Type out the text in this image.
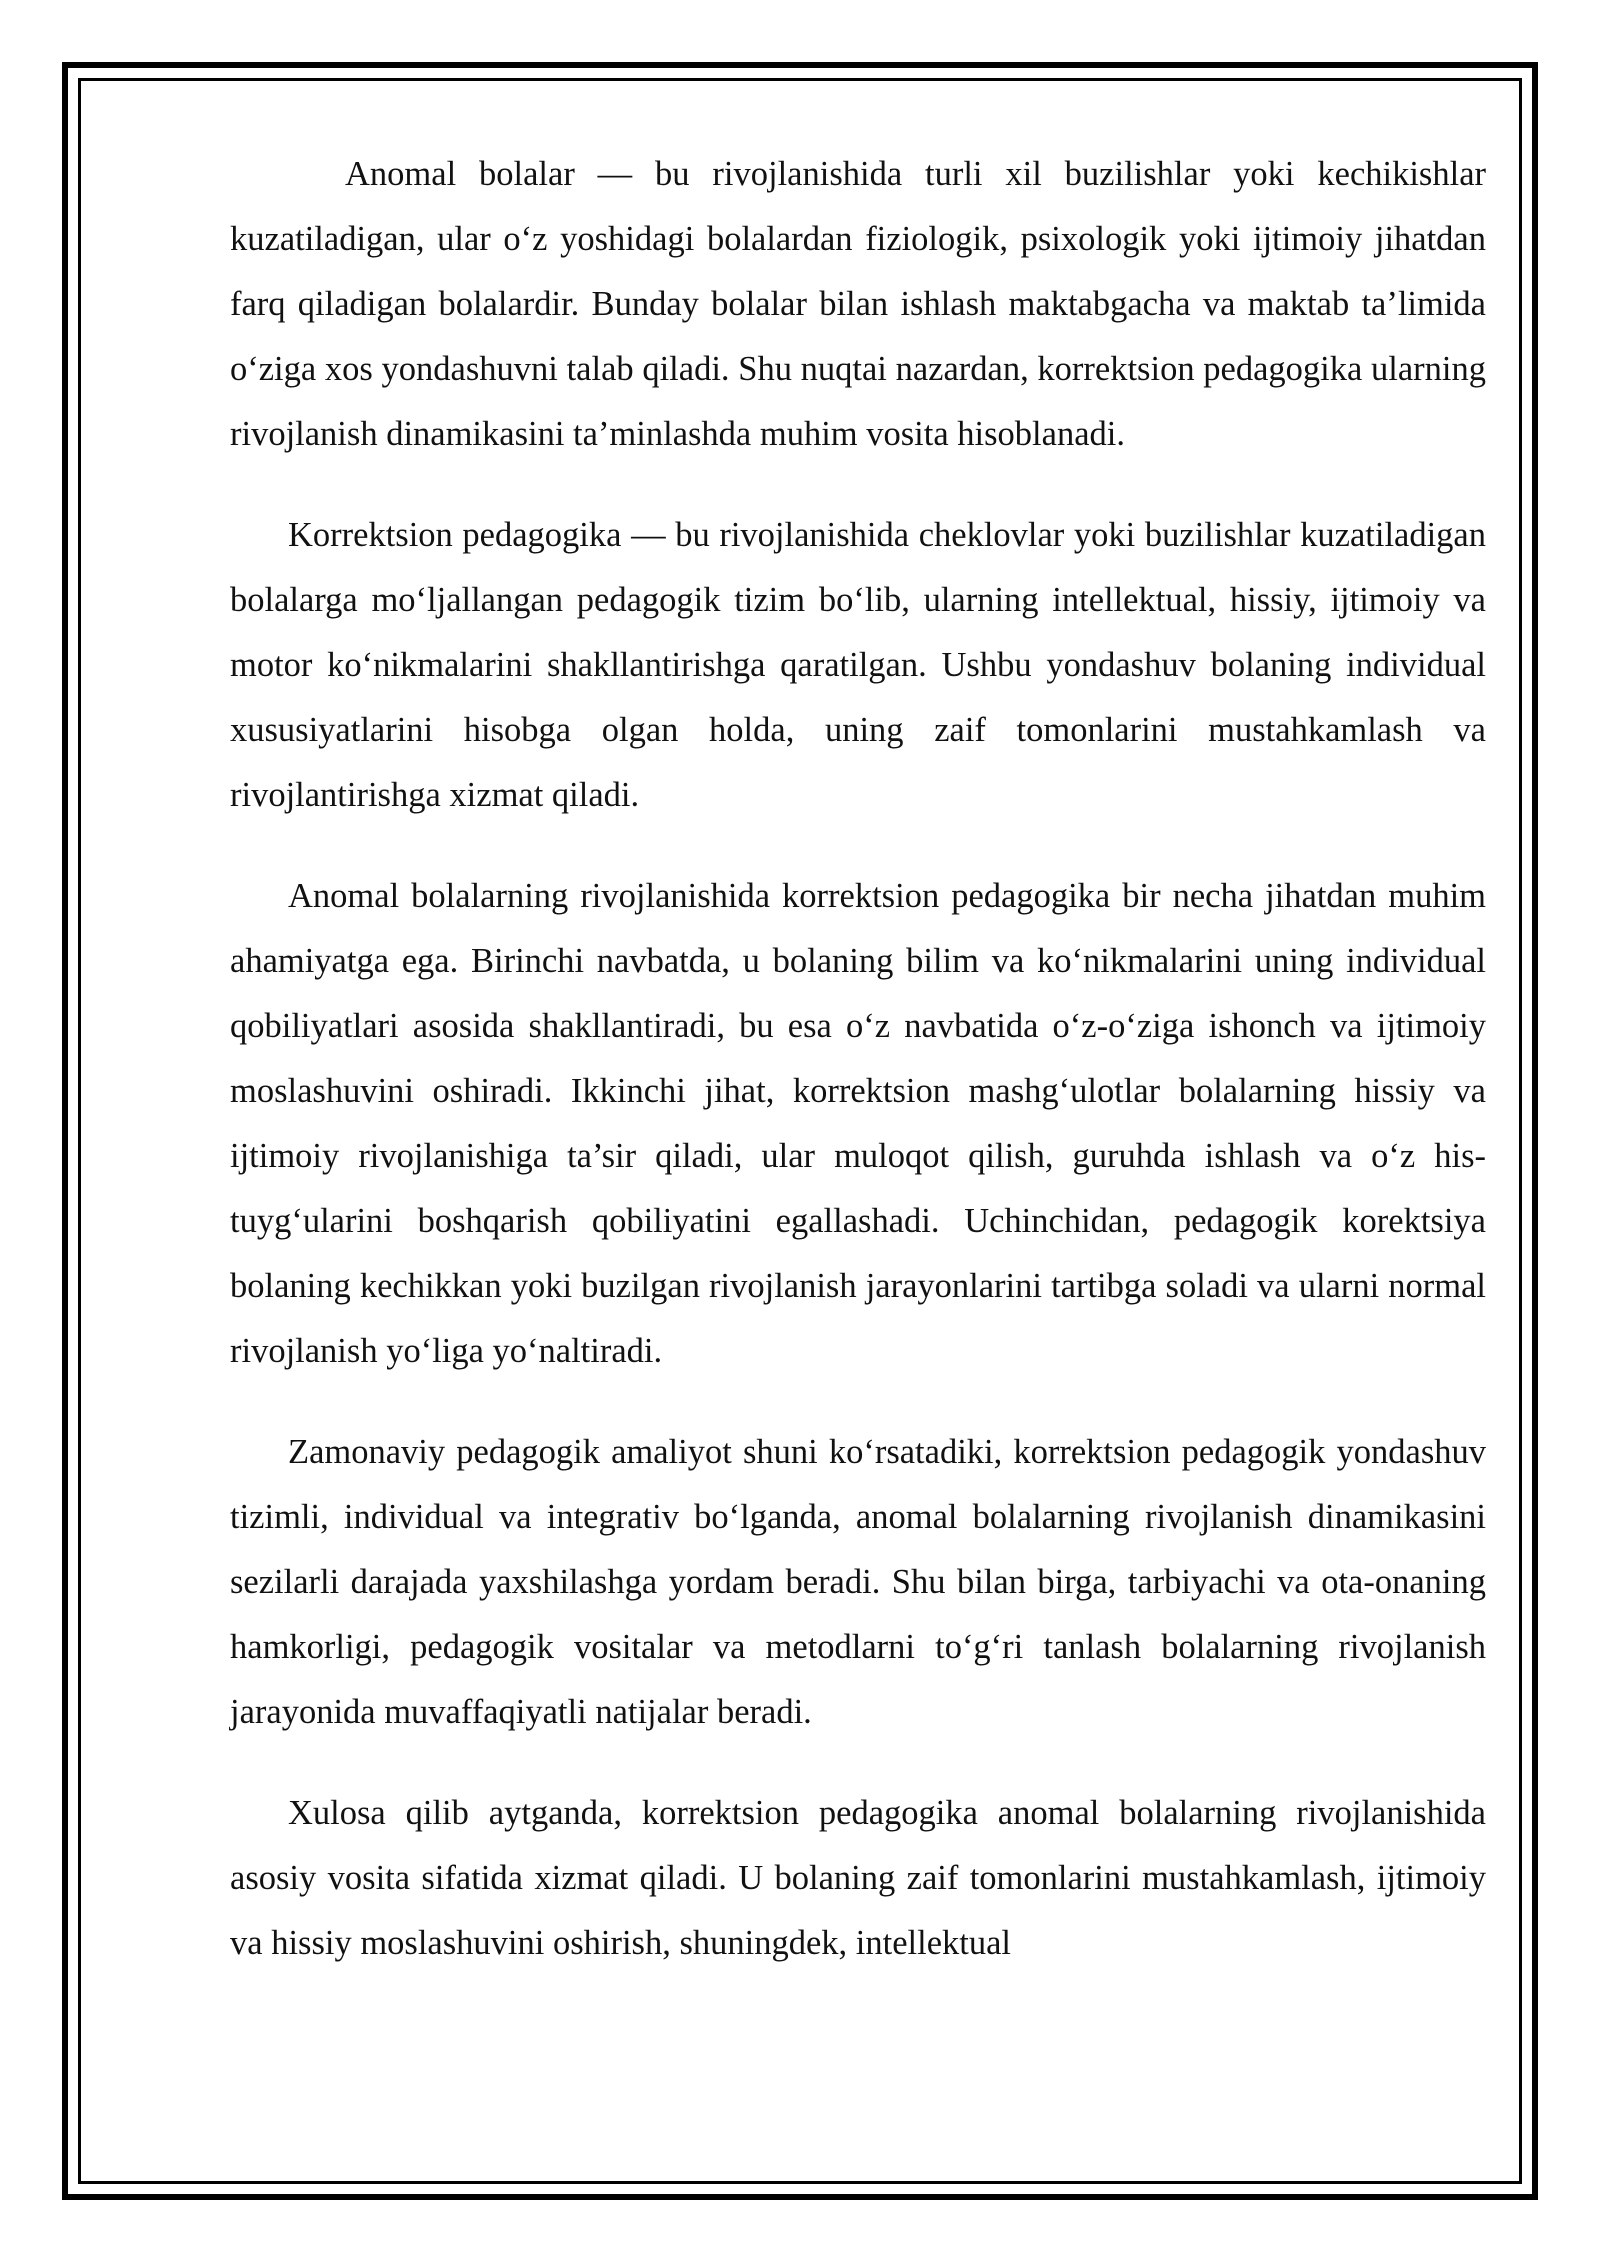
Anomal bolalar — bu rivojlanishida turli xil buzilishlar yoki kechikishlar kuzatiladigan, ular o‘z yoshidagi bolalardan fiziologik, psixologik yoki ijtimoiy jihatdan farq qiladigan bolalardir. Bunday bolalar bilan ishlash maktabgacha va maktab ta’limida o‘ziga xos yondashuvni talab qiladi. Shu nuqtai nazardan, korrektsion pedagogika ularning rivojlanish dinamikasini ta’minlashda muhim vosita hisoblanadi.

Korrektsion pedagogika — bu rivojlanishida cheklovlar yoki buzilishlar kuzatiladigan bolalarga mo‘ljallangan pedagogik tizim bo‘lib, ularning intellektual, hissiy, ijtimoiy va motor ko‘nikmalarini shakllantirishga qaratilgan. Ushbu yondashuv bolaning individual xususiyatlarini hisobga olgan holda, uning zaif tomonlarini mustahkamlash va rivojlantirishga xizmat qiladi.

Anomal bolalarning rivojlanishida korrektsion pedagogika bir necha jihatdan muhim ahamiyatga ega. Birinchi navbatda, u bolaning bilim va ko‘nikmalarini uning individual qobiliyatlari asosida shakllantiradi, bu esa o‘z navbatida o‘z-o‘ziga ishonch va ijtimoiy moslashuvini oshiradi. Ikkinchi jihat, korrektsion mashg‘ulotlar bolalarning hissiy va ijtimoiy rivojlanishiga ta’sir qiladi, ular muloqot qilish, guruhda ishlash va o‘z his-tuyg‘ularini boshqarish qobiliyatini egallashadi. Uchinchidan, pedagogik korektsiya bolaning kechikkan yoki buzilgan rivojlanish jarayonlarini tartibga soladi va ularni normal rivojlanish yo‘liga yo‘naltiradi.

Zamonaviy pedagogik amaliyot shuni ko‘rsatadiki, korrektsion pedagogik yondashuv tizimli, individual va integrativ bo‘lganda, anomal bolalarning rivojlanish dinamikasini sezilarli darajada yaxshilashga yordam beradi. Shu bilan birga, tarbiyachi va ota-onaning hamkorligi, pedagogik vositalar va metodlarni to‘g‘ri tanlash bolalarning rivojlanish jarayonida muvaffaqiyatli natijalar beradi.

Xulosa qilib aytganda, korrektsion pedagogika anomal bolalarning rivojlanishida asosiy vosita sifatida xizmat qiladi. U bolaning zaif tomonlarini mustahkamlash, ijtimoiy va hissiy moslashuvini oshirish, shuningdek, intellektual
